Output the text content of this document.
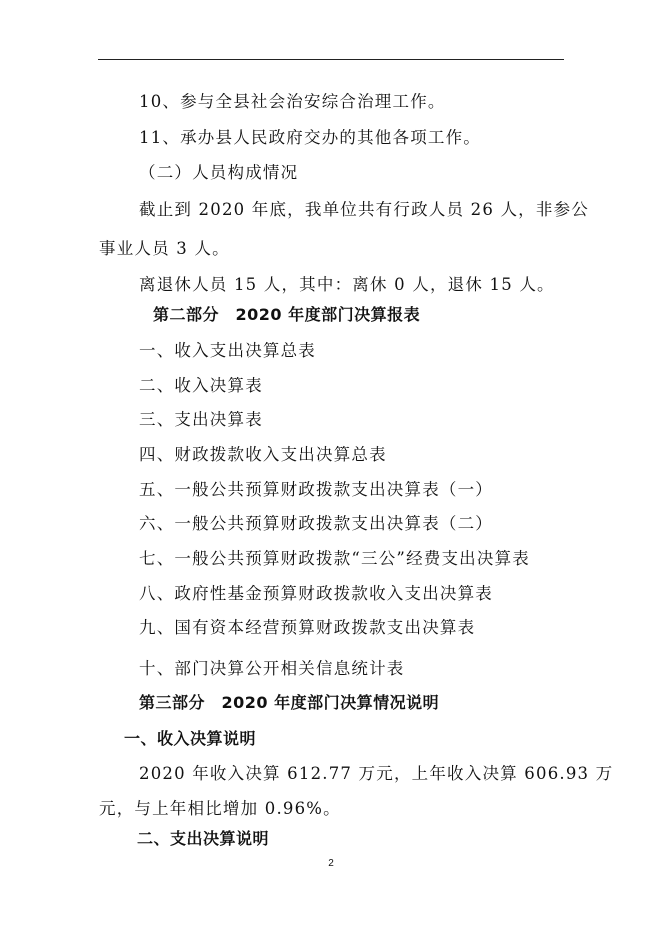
10、参与全县社会治安综合治理工作。
11、承办县人民政府交办的其他各项工作。
（二）人员构成情况
截止到 2020 年底，我单位共有行政人员 26 人，非参公
事业人员 3 人。
离退休人员 15 人，其中：离休 0 人，退休 15 人。
第二部分　2020 年度部门决算报表
一、收入支出决算总表
二、收入决算表
三、支出决算表
四、财政拨款收入支出决算总表
五、一般公共预算财政拨款支出决算表（一）
六、一般公共预算财政拨款支出决算表（二）
七、一般公共预算财政拨款“三公”经费支出决算表
八、政府性基金预算财政拨款收入支出决算表
九、国有资本经营预算财政拨款支出决算表
十、部门决算公开相关信息统计表
第三部分　2020 年度部门决算情况说明
一、收入决算说明
2020 年收入决算 612.77 万元，上年收入决算 606.93 万
元，与上年相比增加 0.96%。
二、支出决算说明
2
